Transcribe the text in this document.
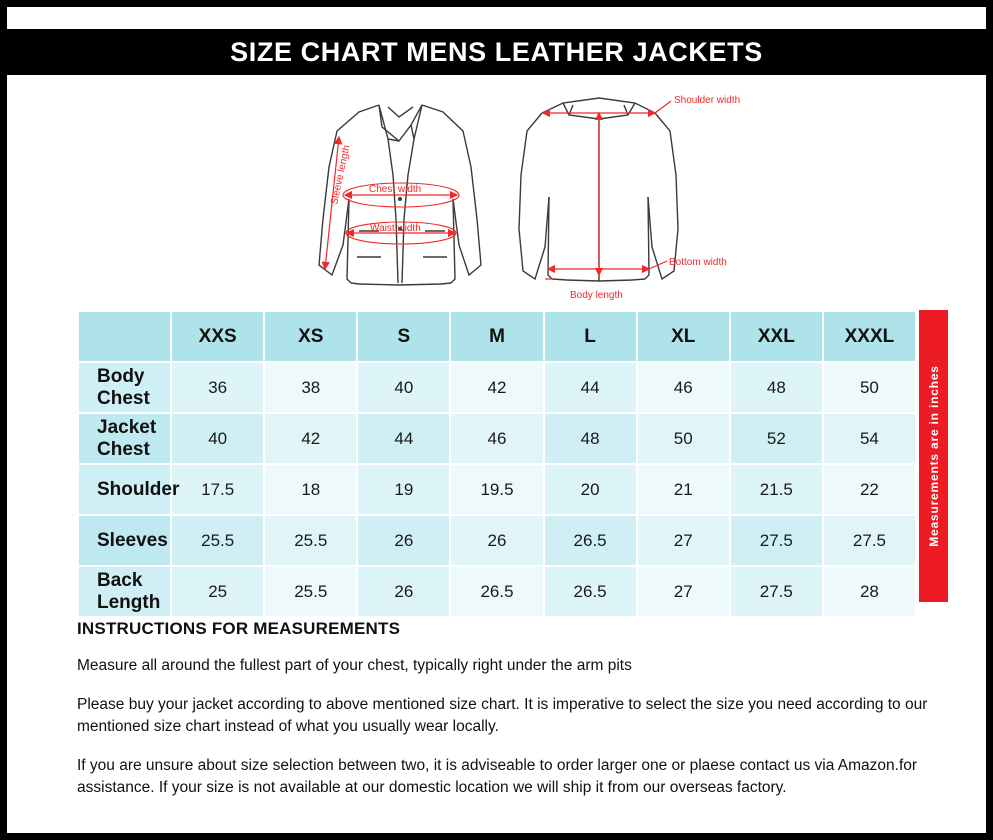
SIZE CHART MENS LEATHER JACKETS
Sleeve length Chest width
Waist width
Shoulder width
Bottom width
Body length
	XXS	XS	S	M	L	XL	XXL	XXXL
Body Chest	36	38	40	42	44	46	48	50
Jacket Chest	40	42	44	46	48	50	52	54
Shoulder	17.5	18	19	19.5	20	21	21.5	22
Sleeves	25.5	25.5	26	26	26.5	27	27.5	27.5
Back Length	25	25.5	26	26.5	26.5	27	27.5	28
Measurements are in inches
INSTRUCTIONS FOR MEASUREMENTS
Measure all around the fullest part of your chest, typically right under the arm pits
Please buy your jacket according to above mentioned size chart. It is imperative to select the size you need according to our mentioned size chart instead of what you usually wear locally.
If you are unsure about size selection between two, it is adviseable to order larger one or plaese contact us via Amazon.for assistance. If your size is not available at our domestic location we will ship it from our overseas factory.
